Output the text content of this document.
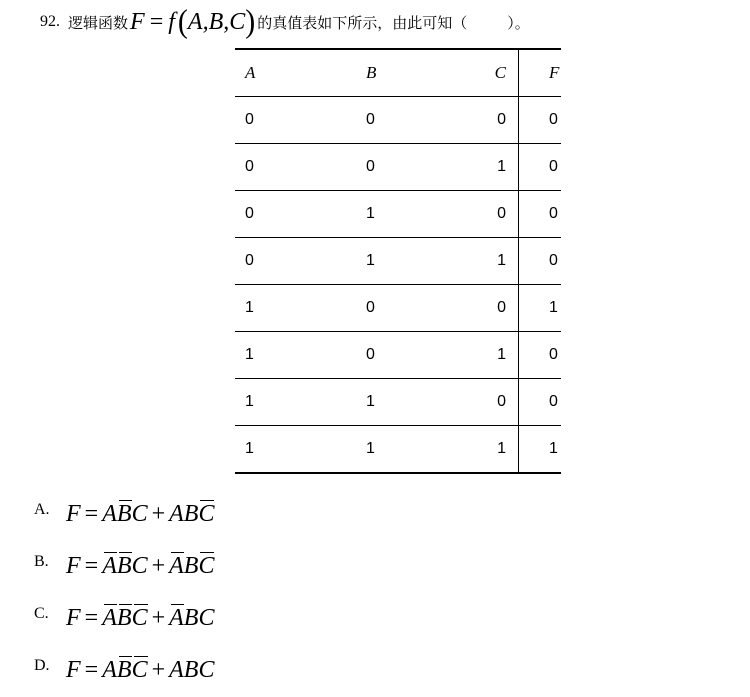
92. 逻辑函数 F = f ( A,B,C ) 的真值表如下所示，由此可知（	）。
A	B	C	F
0	0	0	0
0	0	1	0
0	1	0	0
0	1	1	0
1	0	0	1
1	0	1	0
1	1	0	0
1	1	1	1
A. F = A B C + A B C
B. F = A B C + A B C
C. F = A B C + A B C
D. F = A B C + A B C
